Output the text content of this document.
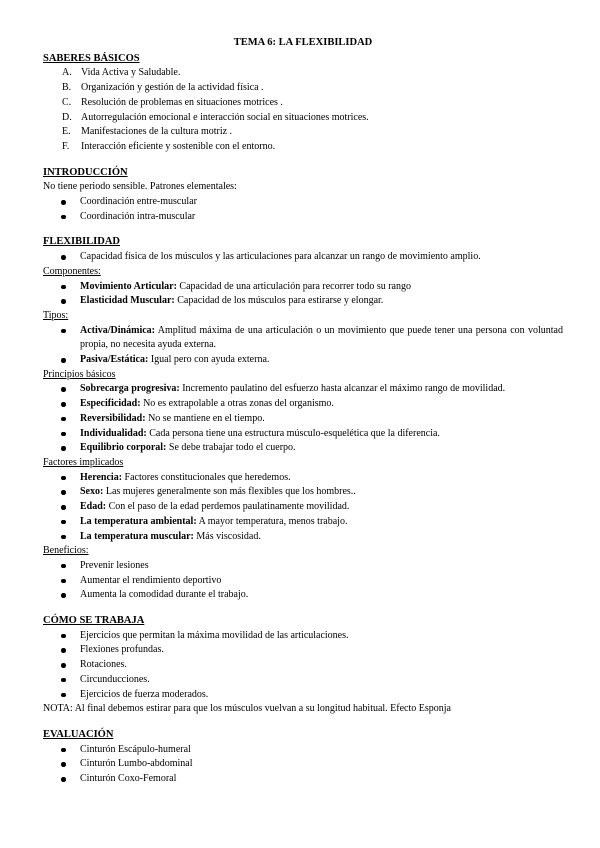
TEMA 6: LA FLEXIBILIDAD

SABERES BÁSICOS

A. Vida Activa y Saludable.
B. Organización y gestión de la actividad física .
C. Resolución de problemas en situaciones motrices .
D. Autorregulación emocional e interacción social en situaciones motrices.
E.	Manifestaciones de la cultura motriz .
F.	Interacción eficiente y sostenible con el entorno.

INTRODUCCIÓN

No tiene periodo sensible. Patrones elementales:

Coordinación entre-muscular
Coordinación intra-muscular

FLEXIBILIDAD

Capacidad física de los músculos y las articulaciones para alcanzar un rango de movimiento amplio.

Componentes:

Movimiento Articular: Capacidad de una articulación para recorrer todo su rango
Elasticidad Muscular: Capacidad de los músculos para estirarse y elongar.

Tipos:

Activa/Dinámica: Amplitud máxima de una articulación o un movimiento que puede tener una persona con voluntad propia, no necesita ayuda externa.
Pasiva/Estática: Igual pero con ayuda externa.

Principios básicos

Sobrecarga progresiva: Incremento paulatino del esfuerzo hasta alcanzar el máximo rango de movilidad.
Especificidad: No es extrapolable a otras zonas del organismo.
Reversibilidad: No se mantiene en el tiempo.
Individualidad: Cada persona tiene una estructura músculo-esquelética que la diferencia.
Equilibrio corporal: Se debe trabajar todo el cuerpo.

Factores implicados

Herencia: Factores constitucionales que heredemos.
Sexo: Las mujeres generalmente son más flexibles que los hombres..
Edad: Con el paso de la edad perdemos paulatinamente movilidad.
La temperatura ambiental: A mayor temperatura, menos trabajo.
La temperatura muscular: Más viscosidad.

Beneficios:

Prevenir lesiones
Aumentar el rendimiento deportivo
Aumenta la comodidad durante el trabajo.

CÓMO SE TRABAJA

Ejercicios que permitan la máxima movilidad de las articulaciones.
Flexiones profundas.
Rotaciones.
Circunducciones.
Ejercicios de fuerza moderados.

NOTA: Al final debemos estirar para que los músculos vuelvan a su longitud habitual. Efecto Esponja

EVALUACIÓN

Cinturón Escápulo-humeral
Cinturón Lumbo-abdominal
Cinturón Coxo-Femoral
